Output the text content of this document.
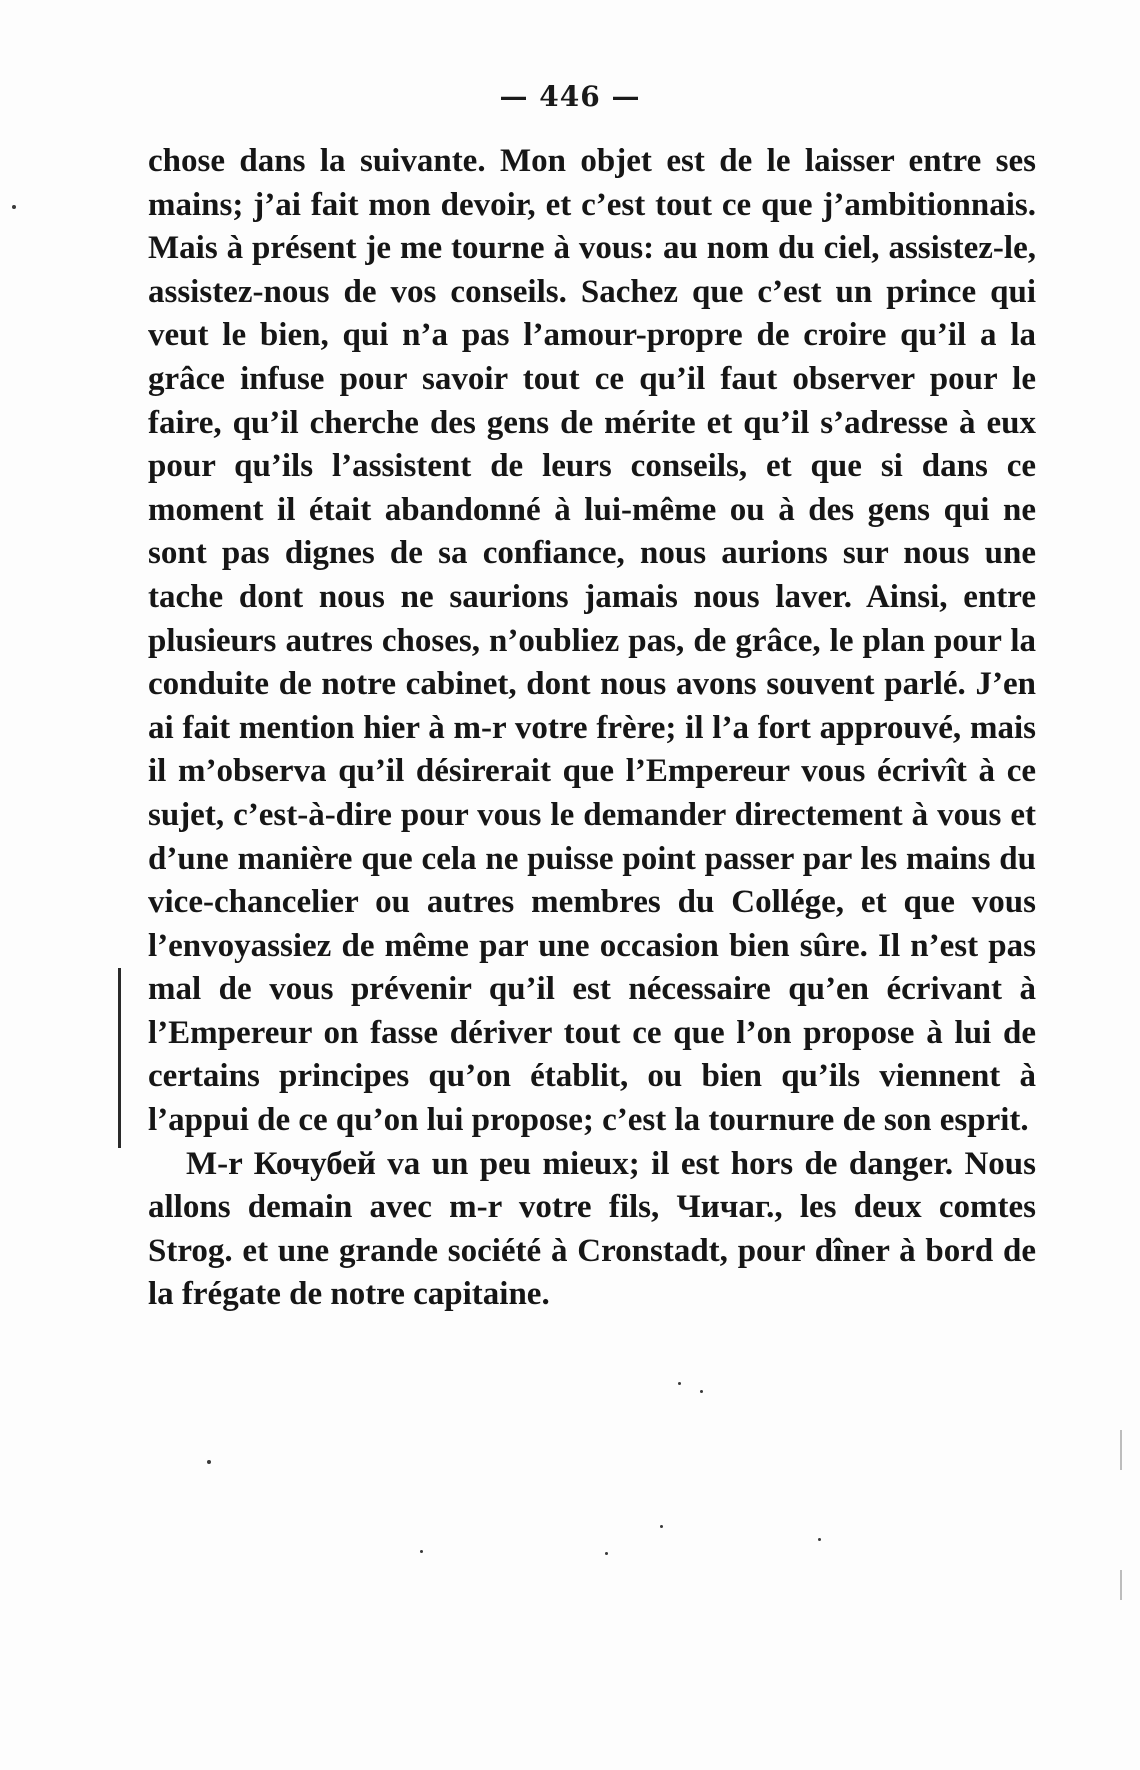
— 446 —

chose dans la suivante. Mon objet est de le laisser entre ses mains; j’ai fait mon devoir, et c’est tout ce que j’ambitionnais. Mais à présent je me tourne à vous: au nom du ciel, assistez-le, assistez-nous de vos conseils. Sachez que c’est un prince qui veut le bien, qui n’a pas l’amour-propre de croire qu’il a la grâce infuse pour savoir tout ce qu’il faut observer pour le faire, qu’il cherche des gens de mérite et qu’il s’adresse à eux pour qu’ils l’assistent de leurs conseils, et que si dans ce moment il était abandonné à lui-même ou à des gens qui ne sont pas dignes de sa confiance, nous aurions sur nous une tache dont nous ne saurions jamais nous laver. Ainsi, entre plusieurs autres choses, n’oubliez pas, de grâce, le plan pour la conduite de notre cabinet, dont nous avons souvent parlé. J’en ai fait mention hier à m-r votre frère; il l’a fort approuvé, mais il m’observa qu’il désirerait que l’Empereur vous écrivît à ce sujet, c’est-à-dire pour vous le demander directement à vous et d’une manière que cela ne puisse point passer par les mains du vice-chancelier ou autres membres du Collége, et que vous l’envoyassiez de même par une occasion bien sûre. Il n’est pas mal de vous prévenir qu’il est nécessaire qu’en écrivant à l’Empereur on fasse dériver tout ce que l’on propose à lui de certains principes qu’on établit, ou bien qu’ils viennent à l’appui de ce qu’on lui propose; c’est la tournure de son esprit.

M-r Кочубей va un peu mieux; il est hors de danger. Nous allons demain avec m-r votre fils, Чичаг., les deux comtes Strog. et une grande société à Cronstadt, pour dîner à bord de la frégate de notre capitaine.
